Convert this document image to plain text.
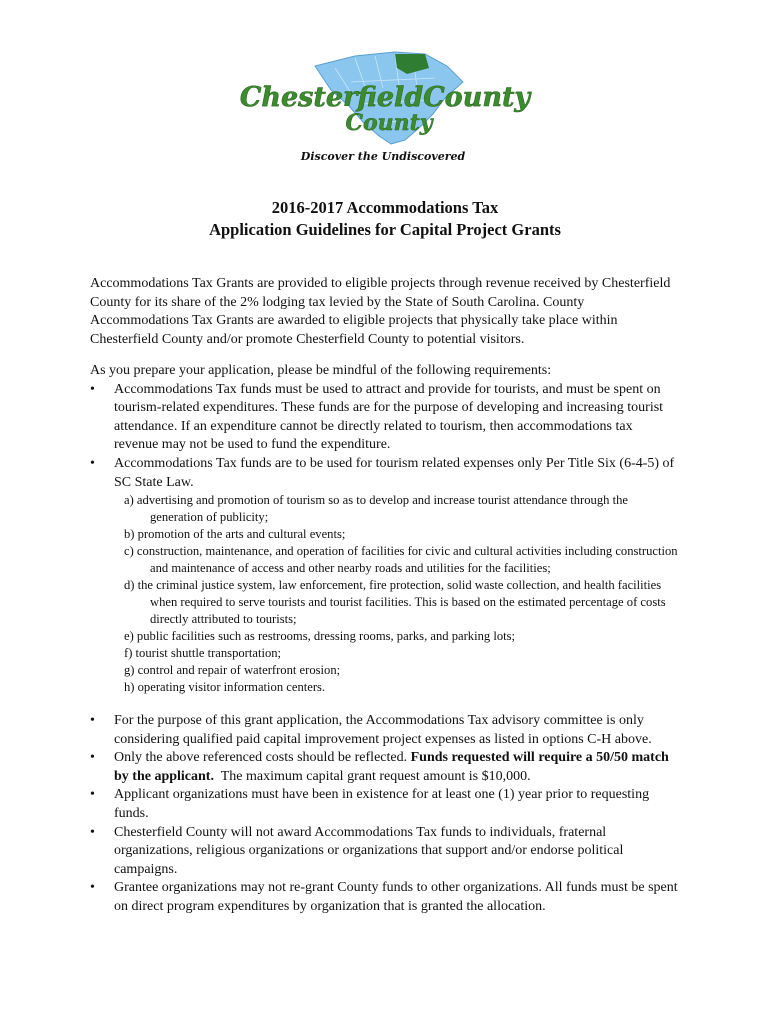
ChesterfieldCounty
County
Discover the Undiscovered
2016-2017 Accommodations Tax
Application Guidelines for Capital Project Grants

Accommodations Tax Grants are provided to eligible projects through revenue received by Chesterfield County for its share of the 2% lodging tax levied by the State of South Carolina. County Accommodations Tax Grants are awarded to eligible projects that physically take place within Chesterfield County and/or promote Chesterfield County to potential visitors.

As you prepare your application, please be mindful of the following requirements:
• Accommodations Tax funds must be used to attract and provide for tourists, and must be spent on tourism-related expenditures. These funds are for the purpose of developing and increasing tourist attendance. If an expenditure cannot be directly related to tourism, then accommodations tax revenue may not be used to fund the expenditure.
• Accommodations Tax funds are to be used for tourism related expenses only Per Title Six (6-4-5) of SC State Law.
a) advertising and promotion of tourism so as to develop and increase tourist attendance through the generation of publicity;
b) promotion of the arts and cultural events;
c) construction, maintenance, and operation of facilities for civic and cultural activities including construction and maintenance of access and other nearby roads and utilities for the facilities;
d) the criminal justice system, law enforcement, fire protection, solid waste collection, and health facilities when required to serve tourists and tourist facilities. This is based on the estimated percentage of costs directly attributed to tourists;
e) public facilities such as restrooms, dressing rooms, parks, and parking lots;
f) tourist shuttle transportation;
g) control and repair of waterfront erosion;
h) operating visitor information centers.
• For the purpose of this grant application, the Accommodations Tax advisory committee is only considering qualified paid capital improvement project expenses as listed in options C-H above.
• Only the above referenced costs should be reflected. Funds requested will require a 50/50 match by the applicant. The maximum capital grant request amount is $10,000.
• Applicant organizations must have been in existence for at least one (1) year prior to requesting funds.
• Chesterfield County will not award Accommodations Tax funds to individuals, fraternal organizations, religious organizations or organizations that support and/or endorse political campaigns.
• Grantee organizations may not re-grant County funds to other organizations. All funds must be spent on direct program expenditures by organization that is granted the allocation.
